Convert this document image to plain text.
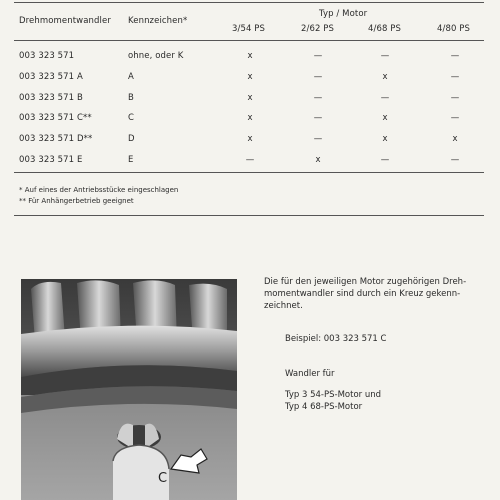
Typ / Motor
Drehmomentwandler Kennzeichen*
3/54 PS	2/62 PS	4/68 PS	4/80 PS
003 323 571	ohne, oder K	x	—	—	—
003 323 571 A	A	x	—	x	—
003 323 571 B	B	x	—	—	—
003 323 571 C**	C	x	—	x	—
003 323 571 D**	D	x	—	x	x
003 323 571 E	E	—	x	—	—
* Auf eines der Antriebsstücke eingeschlagen
** Für Anhängerbetrieb geeignet
Die für den jeweiligen Motor zugehörigen Dreh-
momentwandler sind durch ein Kreuz gekenn-
zeichnet.
Beispiel: 003 323 571 C
Wandler für
Typ 3 54-PS-Motor und
Typ 4 68-PS-Motor
C
